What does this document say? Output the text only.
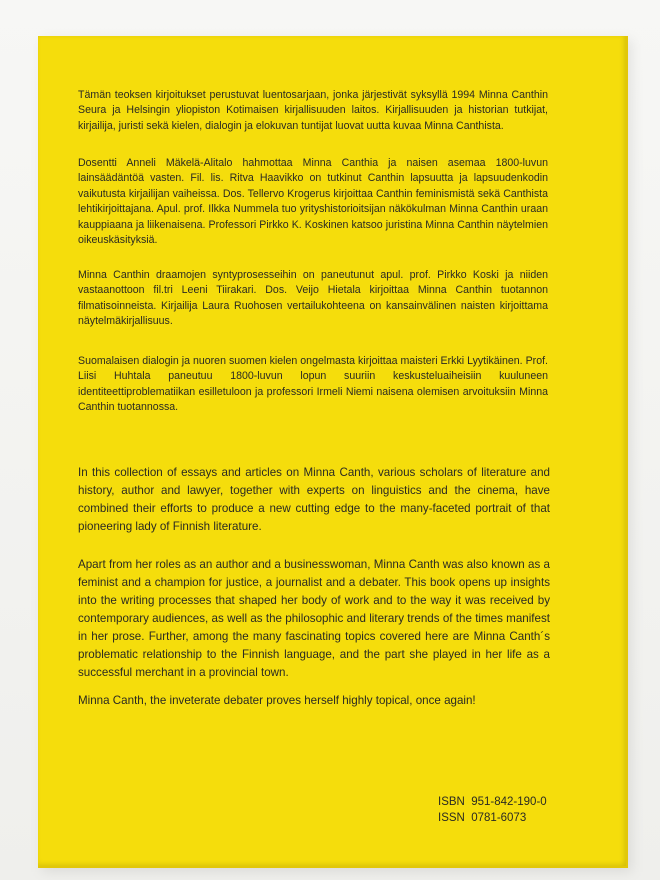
Tämän teoksen kirjoitukset perustuvat luentosarjaan, jonka järjestivät syksyllä 1994 Minna Canthin Seura ja Helsingin yliopiston Kotimaisen kirjallisuuden laitos. Kirjallisuuden ja historian tutkijat, kirjailija, juristi sekä kielen, dialogin ja elokuvan tuntijat luovat uutta kuvaa Minna Canthista.

Dosentti Anneli Mäkelä-Alitalo hahmottaa Minna Canthia ja naisen asemaa 1800-luvun lainsäädäntöä vasten. Fil. lis. Ritva Haavikko on tutkinut Canthin lapsuutta ja lapsuudenkodin vaikutusta kirjailijan vaiheissa. Dos. Tellervo Krogerus kirjoittaa Canthin feminismistä sekä Canthista lehtikirjoittajana. Apul. prof. Ilkka Nummela tuo yrityshistorioitsijan näkökulman Minna Canthin uraan kauppiaana ja liikenaisena. Professori Pirkko K. Koskinen katsoo juristina Minna Canthin näytelmien oikeuskäsityksiä.

Minna Canthin draamojen syntyprosesseihin on paneutunut apul. prof. Pirkko Koski ja niiden vastaanottoon fil.tri Leeni Tiirakari. Dos. Veijo Hietala kirjoittaa Minna Canthin tuotannon filmatisoinneista. Kirjailija Laura Ruohosen vertailukohteena on kansainvälinen naisten kirjoittama näytelmäkirjallisuus.

Suomalaisen dialogin ja nuoren suomen kielen ongelmasta kirjoittaa maisteri Erkki Lyytikäinen. Prof. Liisi Huhtala paneutuu 1800-luvun lopun suuriin keskusteluaiheisiin kuuluneen identiteettiproblematiikan esilletuloon ja professori Irmeli Niemi naisena olemisen arvoituksiin Minna Canthin tuotannossa.

In this collection of essays and articles on Minna Canth, various scholars of literature and history, author and lawyer, together with experts on linguistics and the cinema, have combined their efforts to produce a new cutting edge to the many-faceted portrait of that pioneering lady of Finnish literature.

Apart from her roles as an author and a businesswoman, Minna Canth was also known as a feminist and a champion for justice, a journalist and a debater. This book opens up insights into the writing processes that shaped her body of work and to the way it was received by contemporary audiences, as well as the philosophic and literary trends of the times manifest in her prose. Further, among the many fascinating topics covered here are Minna Canth´s problematic relationship to the Finnish language, and the part she played in her life as a successful merchant in a provincial town.

Minna Canth, the inveterate debater proves herself highly topical, once again!

ISBN  951-842-190-0
ISSN  0781-6073
